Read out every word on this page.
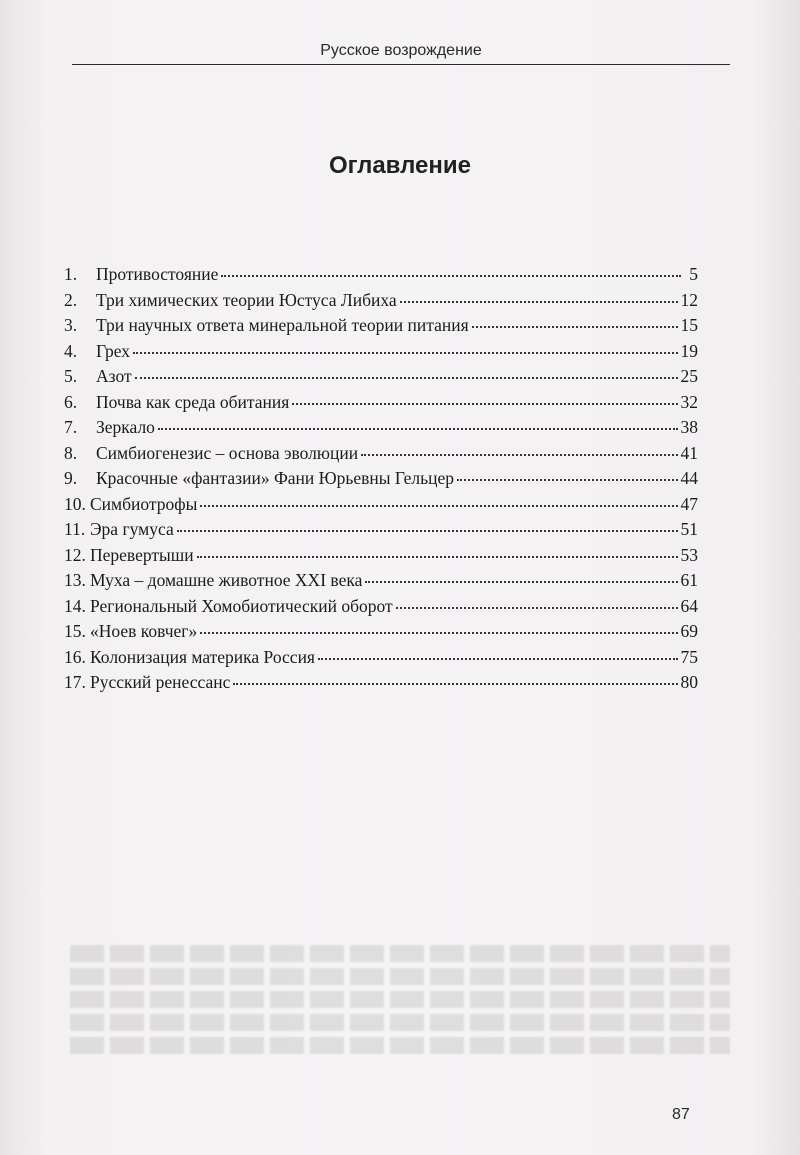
Русское возрождение
Оглавление
1.	Противостояние	5
2.	Три химических теории Юстуса Либиха	12
3.	Три научных ответа минеральной теории питания	15
4.	Грех	19
5.	Азот	25
6.	Почва как среда обитания	32
7.	Зеркало	38
8.	Симбиогенезис – основа эволюции	41
9.	Красочные «фантазии» Фани Юрьевны Гельцер	44
10. Симбиотрофы	47
11. Эра гумуса	51
12. Перевертыши	53
13. Муха – домашне животное XXI века	61
14. Региональный Хомобиотический оборот	64
15. «Ноев ковчег»	69
16. Колонизация материка Россия	75
17. Русский ренессанс	80
87
